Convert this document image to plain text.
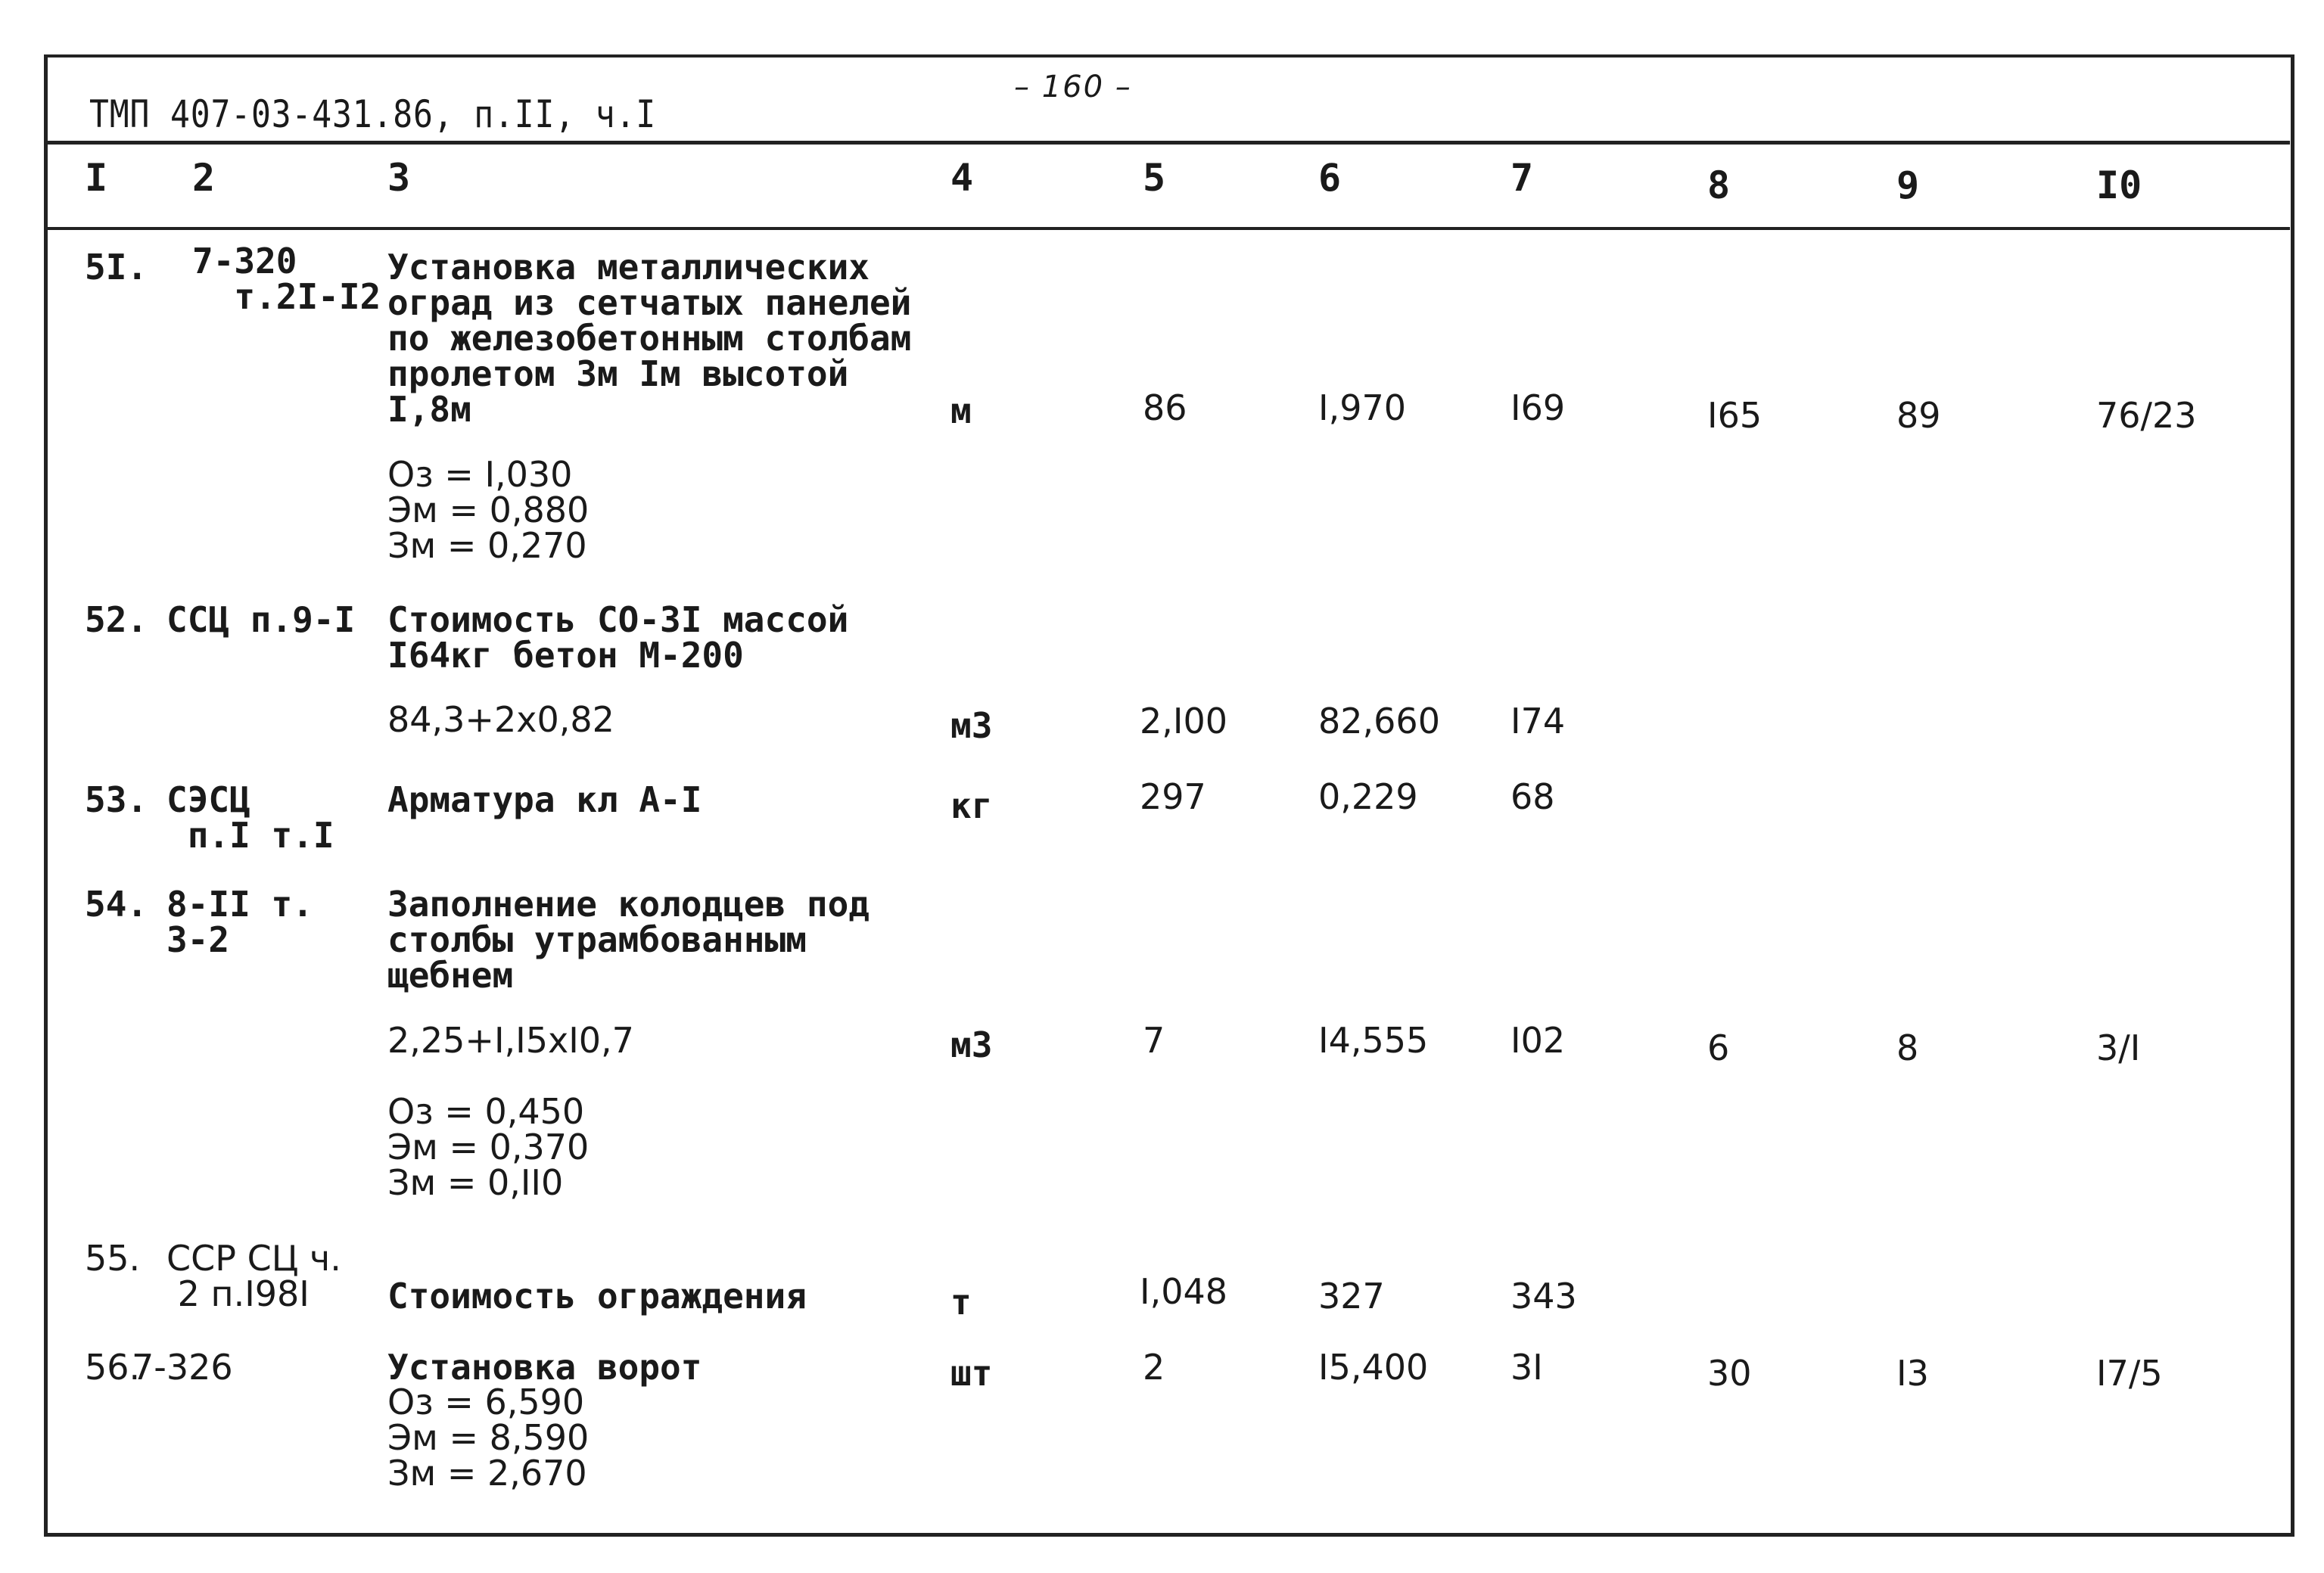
– 160 –
ТМП 407-03-431.86, п.II, ч.I
I 2	3	4	5	6	7	8	9	I0
5I. 7-320
т.2I-I2
Установка металлических
оград из сетчатых панелей
по железобетонным столбам
пролетом 3м Iм высотой
I,8м	м	86	I,970	I69	I65	89	76/23
Oз = I,030
Эм = 0,880
Зм = 0,270
52. ССЦ п.9-I Стоимость СО-3I массой
I64кг бетон М-200
84,3+2x0,82	м3	2,I00	82,660 I74
53. СЭСЦ
п.I т.I
Арматура кл А-I	кг	297	0,229	68
54. 8-II т.
3-2
Заполнение колодцев под
столбы утрамбованным
щебнем
2,25+I,I5xI0,7	м3	7	I4,555 I02	6	8	3/I
Oз = 0,450
Эм = 0,370
Зм = 0,II0
55. ССР СЦ ч.
2 п.I98I	Стоимость ограждения	т	I,048	327	343
56.
7-326	Установка ворот
Oз = 6,590
Эм = 8,590
Зм = 2,670
шт	2	I5,400 3I	30	I3	I7/5
